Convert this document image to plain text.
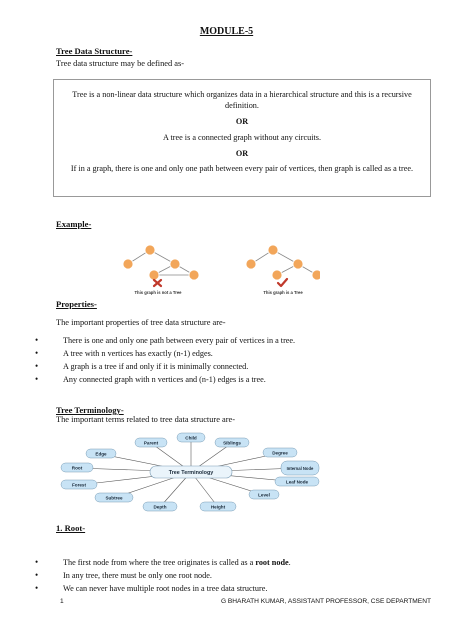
MODULE-5
Tree Data Structure-
Tree data structure may be defined as-

Tree is a non-linear data structure which organizes data in a hierarchical structure and this is a recursive definition.

OR

A tree is a connected graph without any circuits.

OR

If in a graph, there is one and only one path between every pair of vertices, then graph is called as a tree.

Example-
This graph is not a Tree	This graph is a Tree
Properties-
The important properties of tree data structure are-
• There is one and only one path between every pair of vertices in a tree.
• A tree with n vertices has exactly (n-1) edges.
• A graph is a tree if and only if it is minimally connected.
• Any connected graph with n vertices and (n-1) edges is a tree.
Tree Terminology-
The important terms related to tree data structure are-
Tree Terminology
Child
Parent	Siblings
Edge	Degree
Root	Internal Node
Forest
Leaf Node
Subtree
Level
Depth	Height
1. Root-
• The first node from where the tree originates is called as a root node.
• In any tree, there must be only one root node.
• We can never have multiple root nodes in a tree data structure.
1	G BHARATH KUMAR, ASSISTANT PROFESSOR, CSE DEPARTMENT
